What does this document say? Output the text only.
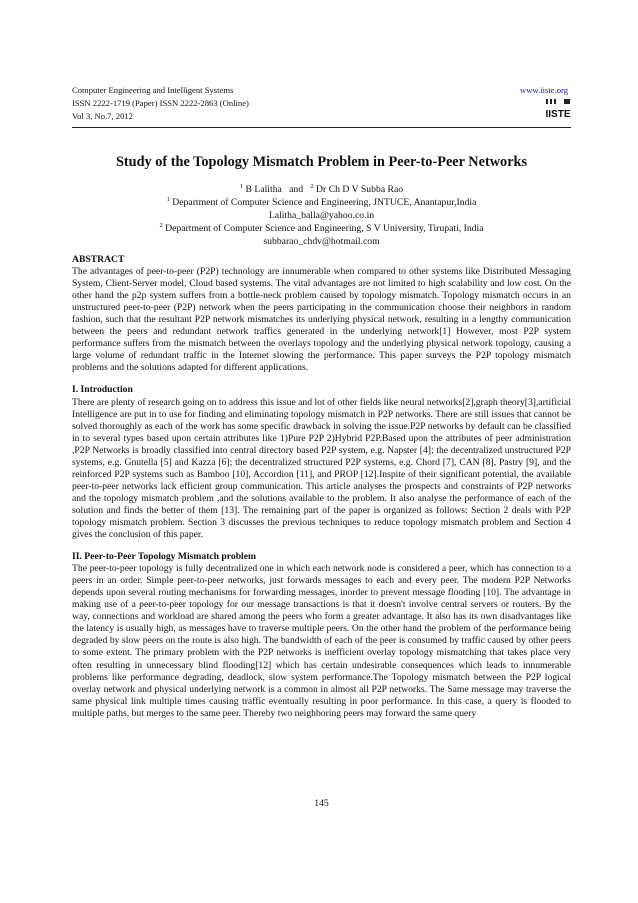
Computer Engineering and Intelligent Systems
ISSN 2222-1719 (Paper) ISSN 2222-2863 (Online)
Vol 3, No.7, 2012
www.iiste.org
IISTE
Study of the Topology Mismatch Problem in Peer-to-Peer Networks
$^1$ B Lalitha and $^2$ Dr Ch D V Subba Rao
$^1$ Department of Computer Science and Engineering, JNTUCE, Anantapur,India
Lalitha_balla@yahoo.co.in
$^2$ Department of Computer Science and Engineering, S V University, Tirupati, India
subbarao_chdv@hotmail.com

ABSTRACT

The advantages of peer-to-peer (P2P) technology are innumerable when compared to other systems like Distributed Messaging System, Client-Server model, Cloud based systems. The vital advantages are not limited to high scalability and low cost. On the other hand the p2p system suffers from a bottle-neck problem caused by topology mismatch. Topology mismatch occurs in an unstructured peer-to-peer (P2P) network when the peers participating in the communication choose their neighbors in random fashion, such that the resultant P2P network mismatches its underlying physical network, resulting in a lengthy communication between the peers and redundant network traffics generated in the underlying network[1] However, most P2P system performance suffers from the mismatch between the overlays topology and the underlying physical network topology, causing a large volume of redundant traffic in the Internet slowing the performance. This paper surveys the P2P topology mismatch problems and the solutions adapted for different applications.

I. Introduction

There are plenty of research going on to address this issue and lot of other fields like neural networks[2],graph theory[3],artificial Intelligence are put in to use for finding and eliminating topology mismatch in P2P networks. There are still issues that cannot be solved thoroughly as each of the work has some specific drawback in solving the issue.P2P networks by default can be classified in to several types based upon certain attributes like 1)Pure P2P 2)Hybrid P2P.Based upon the attributes of peer administration ,P2P Networks is broadly classified into central directory based P2P system, e.g. Napster [4]; the decentralized unstructured P2P systems, e.g. Gnutella [5] and Kazza [6]; the decentralized structured P2P systems, e.g. Chord [7], CAN [8], Pastry [9], and the reinforced P2P systems such as Bamboo [10], Accordion [11], and PROP [12].Inspite of their significant potential, the available peer-to-peer networks lack efficient group communication. This article analyses the prospects and constraints of P2P networks and the topology mismatch problem ,and the solutions available to the problem. It also analyse the performance of each of the solution and finds the better of them [13]. The remaining part of the paper is organized as follows: Section 2 deals with P2P topology mismatch problem. Section 3 discusses the previous techniques to reduce topology mismatch problem and Section 4 gives the conclusion of this paper.

II. Peer-to-Peer Topology Mismatch problem

The peer-to-peer topology is fully decentralized one in which each network node is considered a peer, which has connection to a peers in an order. Simple peer-to-peer networks, just forwards messages to each and every peer. The modern P2P Networks depends upon several routing mechanisms for forwarding messages, inorder to prevent message flooding [10]. The advantage in making use of a peer-to-peer topology for our message transactions is that it doesn't involve central servers or routers. By the way, connections and workload are shared among the peers who form a greater advantage. It also has its own disadvantages like the latency is usually high, as messages have to traverse multiple peers. On the other hand the problem of the performance being degraded by slow peers on the route is also high. The bandwidth of each of the peer is consumed by traffic caused by other peers to some extent. The primary problem with the P2P networks is inefficient overlay topology mismatching that takes place very often resulting in unnecessary blind flooding[12] which has certain undesirable consequences which leads to innumerable problems like performance degrading, deadlock, slow system performance.The Topology mismatch between the P2P logical overlay network and physical underlying network is a common in almost all P2P networks. The Same message may traverse the same physical link multiple times causing traffic eventually resulting in poor performance. In this case, a query is flooded to multiple paths, but merges to the same peer. Thereby two neighboring peers may forward the same query

145
